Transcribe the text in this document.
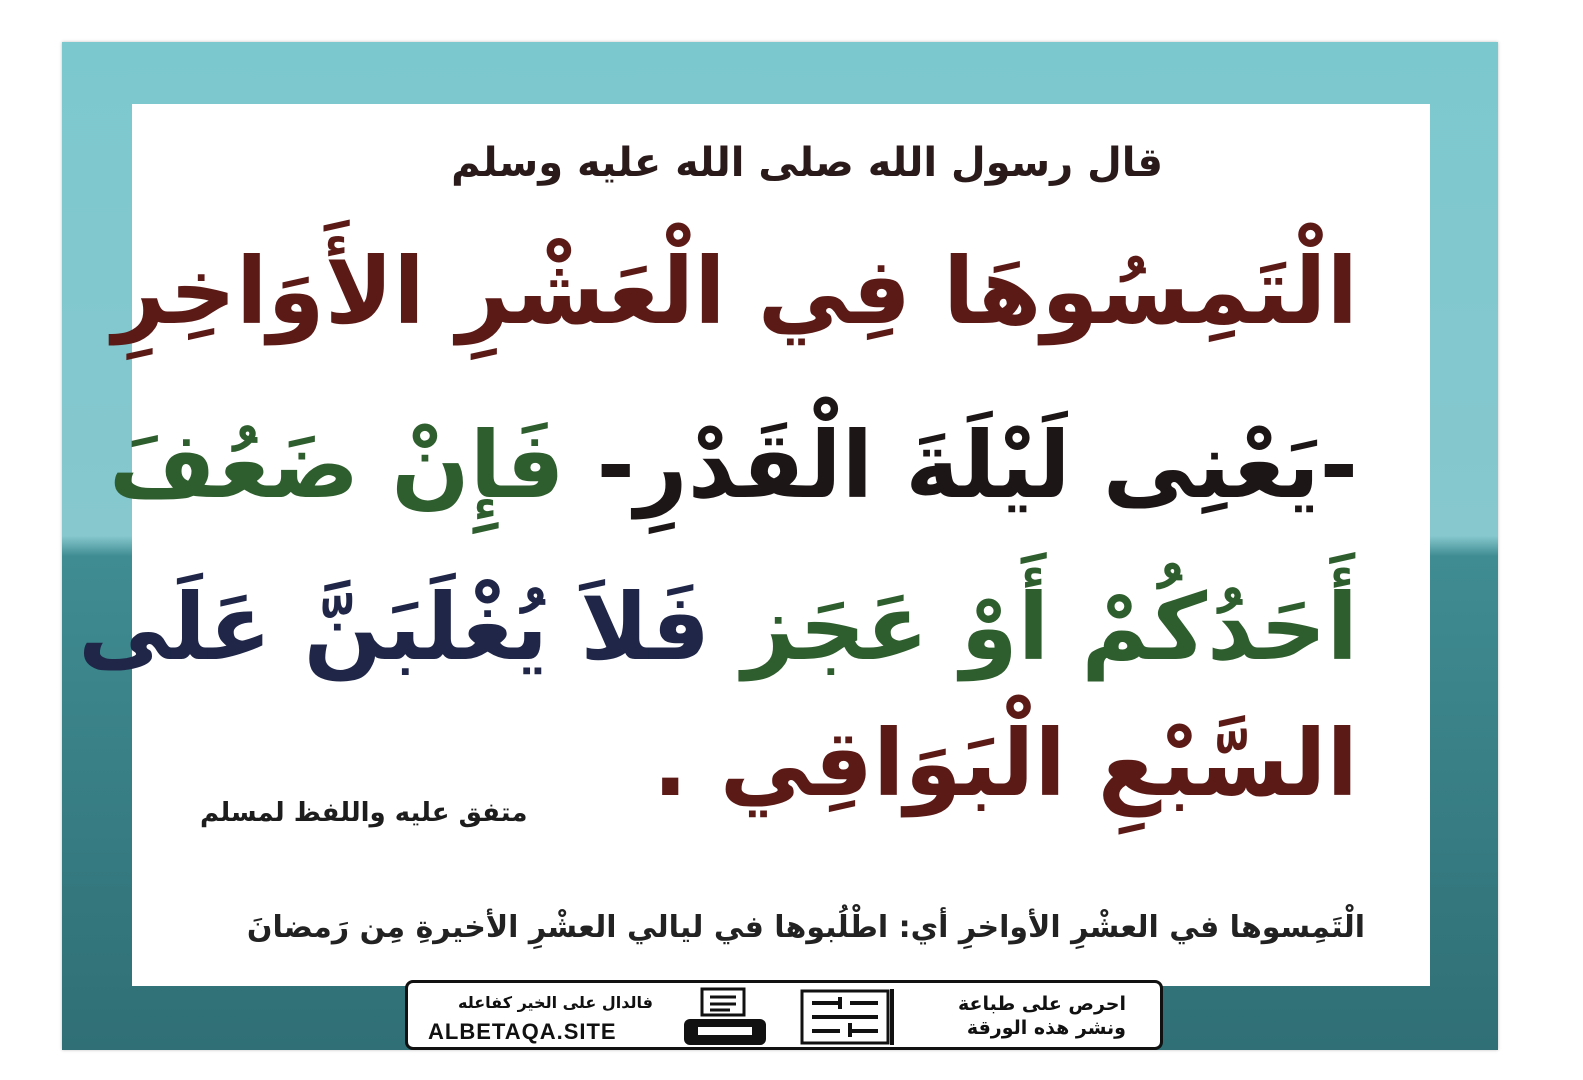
قال رسول الله صلى الله عليه وسلم
الْتَمِسُوهَا فِي الْعَشْرِ الأَوَاخِرِ
-يَعْنِى لَيْلَةَ الْقَدْرِ- فَإِنْ ضَعُفَ
أَحَدُكُمْ أَوْ عَجَز فَلاَ يُغْلَبَنَّ عَلَى
السَّبْعِ الْبَوَاقِي .
متفق عليه واللفظ لمسلم
الْتَمِسوها في العشْرِ الأواخرِ أي: اطْلُبوها في ليالي العشْرِ الأخيرةِ مِن رَمضانَ
احرص على طباعة
ونشر هذه الورقة
فالدال على الخير كفاعله
ALBETAQA.SITE
